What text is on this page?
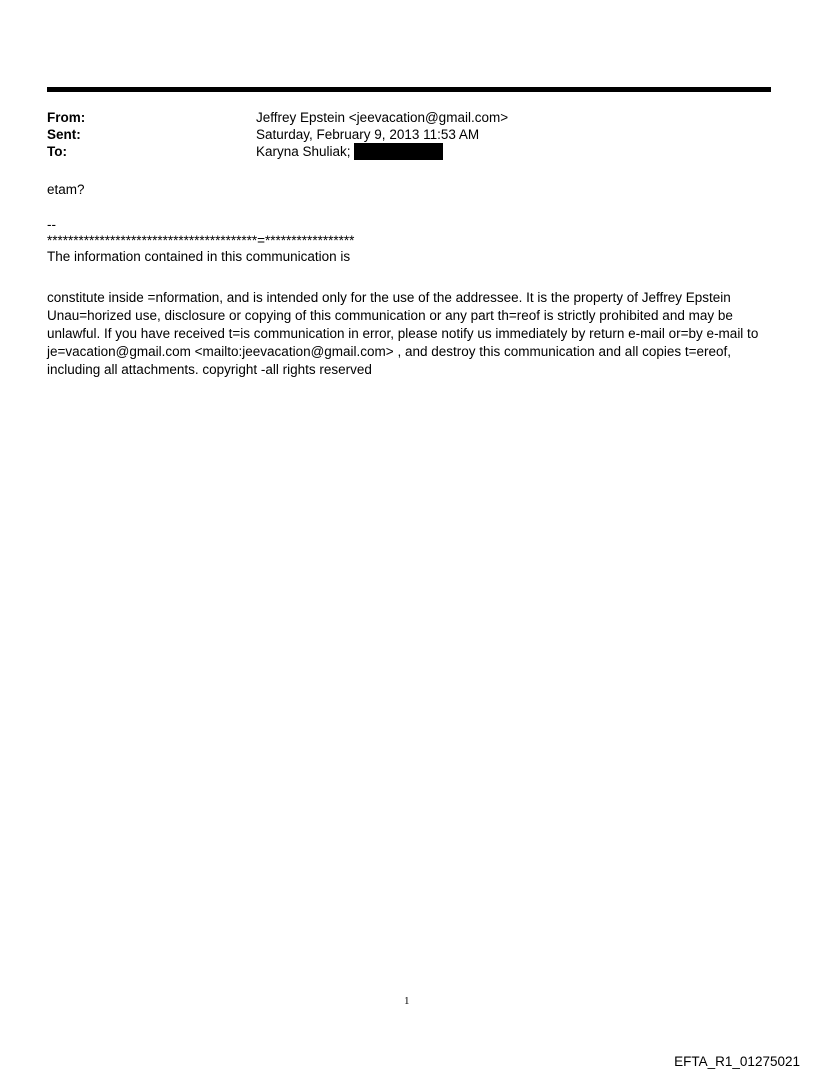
From:	Jeffrey Epstein <jeevacation@gmail.com>
Sent:	Saturday, February 9, 2013 11:53 AM
To:	Karyna Shuliak;
etam?
--
****************************************=*****************
The information contained in this communication is
constitute inside =nformation, and is intended only for the use of the addressee. It is the property of Jeffrey Epstein
Unau=horized use, disclosure or copying of this communication or any part th=reof is strictly prohibited and may be
unlawful. If you have received t=is communication in error, please notify us immediately by return e-mail or=by e-mail to
je=vacation@gmail.com <mailto:jeevacation@gmail.com> , and destroy this communication and all copies t=ereof,
including all attachments. copyright -all rights reserved
1
EFTA_R1_01275021
